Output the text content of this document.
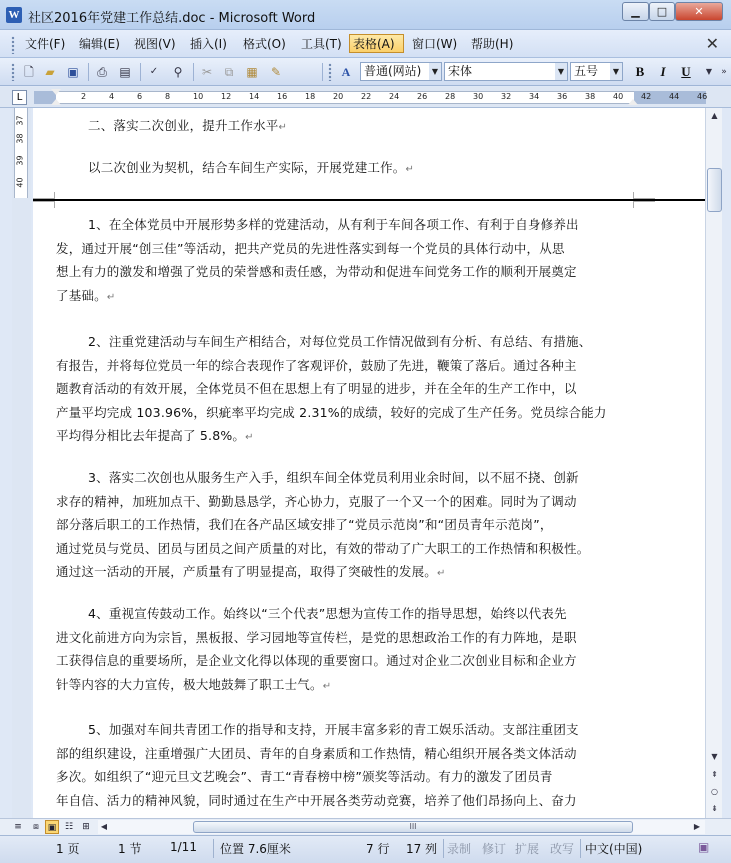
W 社区2016年党建工作总结.doc - Microsoft Word	▁	□	✕
文件(F) 编辑(E) 视图(V) 插入(I) 格式(O) 工具(T) 表格(A)	窗口(W) 帮助(H)	✕
🗋 ▰ ▣ ⎙ ▤	✓	⚲	✂	⧉	▦ ✎	A	普通(网站)	▼ 宋体	▼ 五号	▼ B	I	U	▼	»
L	2	4	6	8	10 12 14 16 18 20 22 24 26 28 30 32 34 36 38 40 42 44 46
37
38
39
40
二、落实二次创业，提升工作水平↵
以二次创业为契机，结合车间生产实际，开展党建工作。↵
1、在全体党员中开展形势多样的党建活动，从有利于车间各项工作、有利于自身修养出
发，通过开展“创三佳”等活动，把共产党员的先进性落实到每一个党员的具体行动中，从思
想上有力的激发和增强了党员的荣誉感和责任感，为带动和促进车间党务工作的顺利开展奠定
了基础。↵
2、注重党建活动与车间生产相结合，对每位党员工作情况做到有分析、有总结、有措施、
有报告，并将每位党员一年的综合表现作了客观评价，鼓励了先进，鞭策了落后。通过各种主
题教育活动的有效开展，全体党员不但在思想上有了明显的进步，并在全年的生产工作中，以
产量平均完成 103.96%，织疵率平均完成 2.31%的成绩，较好的完成了生产任务。党员综合能力
平均得分相比去年提高了 5.8%。↵
3、落实二次创也从服务生产入手，组织车间全体党员利用业余时间，以不屈不挠、创新
求存的精神，加班加点干、勤勤恳恳学，齐心协力，克服了一个又一个的困难。同时为了调动
部分落后职工的工作热情，我们在各产品区域安排了“党员示范岗”和“团员青年示范岗”，
通过党员与党员、团员与团员之间产质量的对比，有效的带动了广大职工的工作热情和积极性。
通过这一活动的开展，产质量有了明显提高，取得了突破性的发展。↵
4、重视宣传鼓动工作。始终以“三个代表”思想为宣传工作的指导思想，始终以代表先
进文化前进方向为宗旨，黑板报、学习园地等宣传栏，是党的思想政治工作的有力阵地，是职
工获得信息的重要场所，是企业文化得以体现的重要窗口。通过对企业二次创业目标和企业方
针等内容的大力宣传，极大地鼓舞了职工士气。↵
5、加强对车间共青团工作的指导和支持，开展丰富多彩的青工娱乐活动。支部注重团支
部的组织建设，注重增强广大团员、青年的自身素质和工作热情，精心组织开展各类文体活动
多次。如组织了“迎元旦文艺晚会”、青工“青春榜中榜”颁奖等活动。有力的激发了团员青
年自信、活力的精神风貌，同时通过在生产中开展各类劳动竞赛，培养了他们昂扬向上、奋力
▲
▼
⇞
○
⇟
≡	⧈ ▣ ☷	⊞	◀	III	▶
1 页	1 节 1/11 位置 7.6厘米	7 行 17 列 录制 修订 扩展 改写 中文(中国)	▣
